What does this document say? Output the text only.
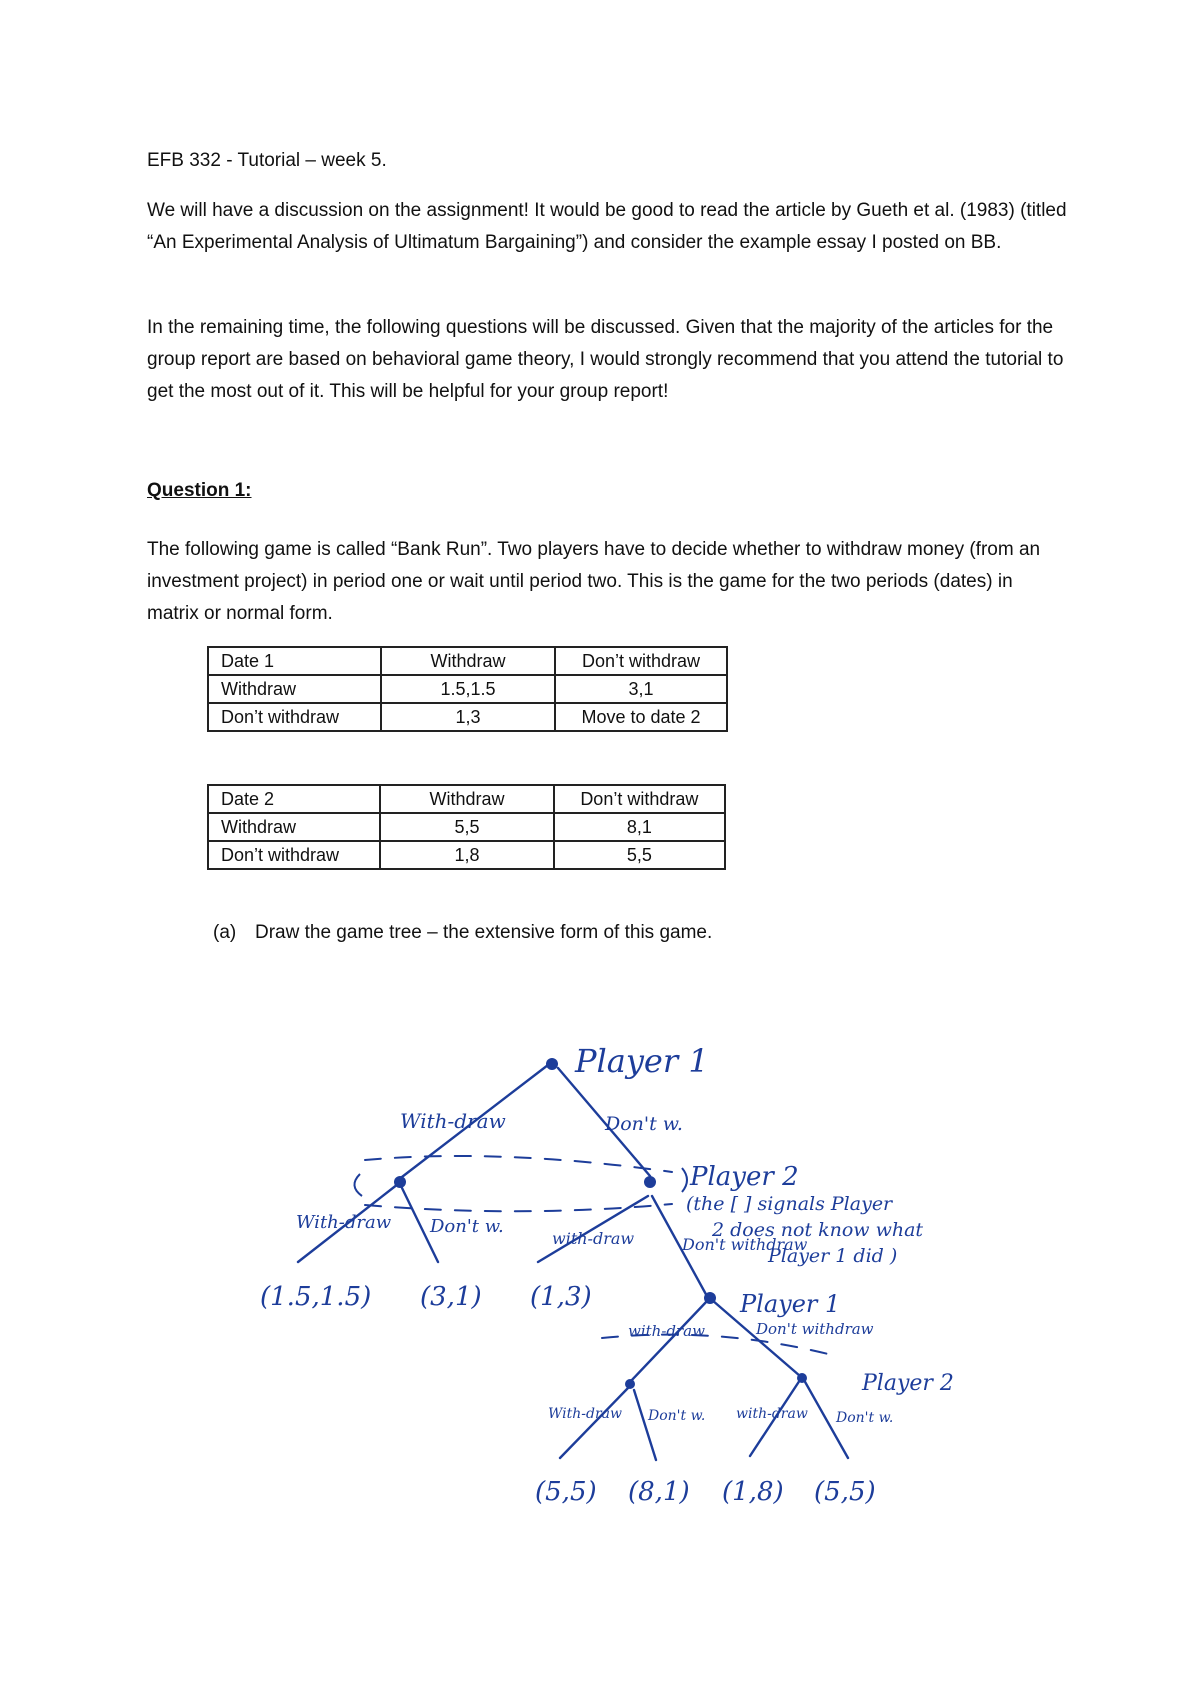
EFB 332 - Tutorial – week 5.

We will have a discussion on the assignment! It would be good to read the article by Gueth et al. (1983) (titled “An Experimental Analysis of Ultimatum Bargaining”) and consider the example essay I posted on BB.

In the remaining time, the following questions will be discussed. Given that the majority of the articles for the group report are based on behavioral game theory, I would strongly recommend that you attend the tutorial to get the most out of it. This will be helpful for your group report!

Question 1:

The following game is called “Bank Run”. Two players have to decide whether to withdraw money (from an investment project) in period one or wait until period two. This is the game for the two periods (dates) in matrix or normal form.

Date 1	Withdraw	Don’t withdraw
Withdraw	1.5,1.5	3,1
Don’t withdraw	1,3	Move to date 2
Date 2	Withdraw	Don’t withdraw
Withdraw	5,5	8,1
Don’t withdraw	1,8	5,5
(a) Draw the game tree – the extensive form of this game.
Player 1
With-draw	Don't w.
Player 2
(the [ ] signals Player
2 does not know what
Player 1 did )
With-draw Don't w.
with-draw	Don't withdraw
(1.5,1.5) (3,1) (1,3)	Player 1
with-draw	Don't withdraw
Player 2
With-draw Don't w. with-draw Don't w.
(5,5) (8,1) (1,8) (5,5)
